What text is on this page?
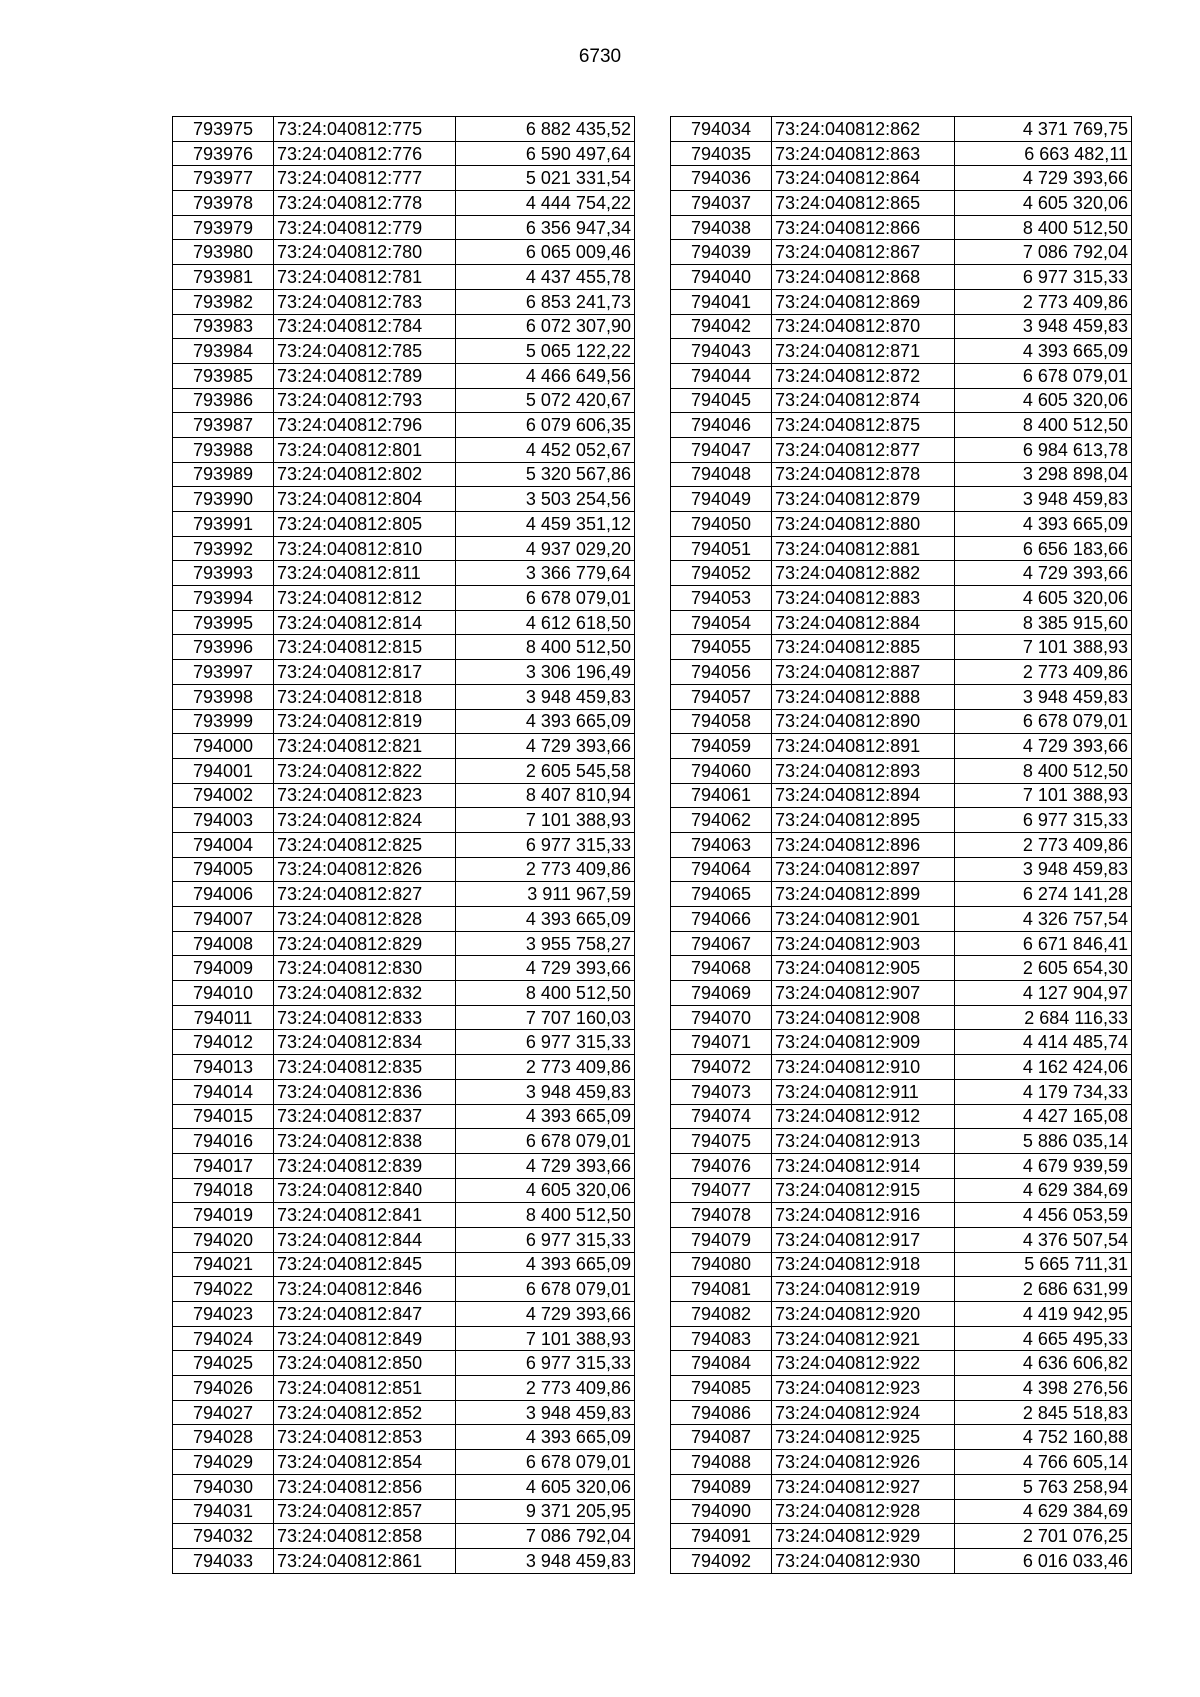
6730
793975	73:24:040812:775	6 882 435,52
793976	73:24:040812:776	6 590 497,64
793977	73:24:040812:777	5 021 331,54
793978	73:24:040812:778	4 444 754,22
793979	73:24:040812:779	6 356 947,34
793980	73:24:040812:780	6 065 009,46
793981	73:24:040812:781	4 437 455,78
793982	73:24:040812:783	6 853 241,73
793983	73:24:040812:784	6 072 307,90
793984	73:24:040812:785	5 065 122,22
793985	73:24:040812:789	4 466 649,56
793986	73:24:040812:793	5 072 420,67
793987	73:24:040812:796	6 079 606,35
793988	73:24:040812:801	4 452 052,67
793989	73:24:040812:802	5 320 567,86
793990	73:24:040812:804	3 503 254,56
793991	73:24:040812:805	4 459 351,12
793992	73:24:040812:810	4 937 029,20
793993	73:24:040812:811	3 366 779,64
793994	73:24:040812:812	6 678 079,01
793995	73:24:040812:814	4 612 618,50
793996	73:24:040812:815	8 400 512,50
793997	73:24:040812:817	3 306 196,49
793998	73:24:040812:818	3 948 459,83
793999	73:24:040812:819	4 393 665,09
794000	73:24:040812:821	4 729 393,66
794001	73:24:040812:822	2 605 545,58
794002	73:24:040812:823	8 407 810,94
794003	73:24:040812:824	7 101 388,93
794004	73:24:040812:825	6 977 315,33
794005	73:24:040812:826	2 773 409,86
794006	73:24:040812:827	3 911 967,59
794007	73:24:040812:828	4 393 665,09
794008	73:24:040812:829	3 955 758,27
794009	73:24:040812:830	4 729 393,66
794010	73:24:040812:832	8 400 512,50
794011	73:24:040812:833	7 707 160,03
794012	73:24:040812:834	6 977 315,33
794013	73:24:040812:835	2 773 409,86
794014	73:24:040812:836	3 948 459,83
794015	73:24:040812:837	4 393 665,09
794016	73:24:040812:838	6 678 079,01
794017	73:24:040812:839	4 729 393,66
794018	73:24:040812:840	4 605 320,06
794019	73:24:040812:841	8 400 512,50
794020	73:24:040812:844	6 977 315,33
794021	73:24:040812:845	4 393 665,09
794022	73:24:040812:846	6 678 079,01
794023	73:24:040812:847	4 729 393,66
794024	73:24:040812:849	7 101 388,93
794025	73:24:040812:850	6 977 315,33
794026	73:24:040812:851	2 773 409,86
794027	73:24:040812:852	3 948 459,83
794028	73:24:040812:853	4 393 665,09
794029	73:24:040812:854	6 678 079,01
794030	73:24:040812:856	4 605 320,06
794031	73:24:040812:857	9 371 205,95
794032	73:24:040812:858	7 086 792,04
794033	73:24:040812:861	3 948 459,83
794034	73:24:040812:862	4 371 769,75
794035	73:24:040812:863	6 663 482,11
794036	73:24:040812:864	4 729 393,66
794037	73:24:040812:865	4 605 320,06
794038	73:24:040812:866	8 400 512,50
794039	73:24:040812:867	7 086 792,04
794040	73:24:040812:868	6 977 315,33
794041	73:24:040812:869	2 773 409,86
794042	73:24:040812:870	3 948 459,83
794043	73:24:040812:871	4 393 665,09
794044	73:24:040812:872	6 678 079,01
794045	73:24:040812:874	4 605 320,06
794046	73:24:040812:875	8 400 512,50
794047	73:24:040812:877	6 984 613,78
794048	73:24:040812:878	3 298 898,04
794049	73:24:040812:879	3 948 459,83
794050	73:24:040812:880	4 393 665,09
794051	73:24:040812:881	6 656 183,66
794052	73:24:040812:882	4 729 393,66
794053	73:24:040812:883	4 605 320,06
794054	73:24:040812:884	8 385 915,60
794055	73:24:040812:885	7 101 388,93
794056	73:24:040812:887	2 773 409,86
794057	73:24:040812:888	3 948 459,83
794058	73:24:040812:890	6 678 079,01
794059	73:24:040812:891	4 729 393,66
794060	73:24:040812:893	8 400 512,50
794061	73:24:040812:894	7 101 388,93
794062	73:24:040812:895	6 977 315,33
794063	73:24:040812:896	2 773 409,86
794064	73:24:040812:897	3 948 459,83
794065	73:24:040812:899	6 274 141,28
794066	73:24:040812:901	4 326 757,54
794067	73:24:040812:903	6 671 846,41
794068	73:24:040812:905	2 605 654,30
794069	73:24:040812:907	4 127 904,97
794070	73:24:040812:908	2 684 116,33
794071	73:24:040812:909	4 414 485,74
794072	73:24:040812:910	4 162 424,06
794073	73:24:040812:911	4 179 734,33
794074	73:24:040812:912	4 427 165,08
794075	73:24:040812:913	5 886 035,14
794076	73:24:040812:914	4 679 939,59
794077	73:24:040812:915	4 629 384,69
794078	73:24:040812:916	4 456 053,59
794079	73:24:040812:917	4 376 507,54
794080	73:24:040812:918	5 665 711,31
794081	73:24:040812:919	2 686 631,99
794082	73:24:040812:920	4 419 942,95
794083	73:24:040812:921	4 665 495,33
794084	73:24:040812:922	4 636 606,82
794085	73:24:040812:923	4 398 276,56
794086	73:24:040812:924	2 845 518,83
794087	73:24:040812:925	4 752 160,88
794088	73:24:040812:926	4 766 605,14
794089	73:24:040812:927	5 763 258,94
794090	73:24:040812:928	4 629 384,69
794091	73:24:040812:929	2 701 076,25
794092	73:24:040812:930	6 016 033,46
